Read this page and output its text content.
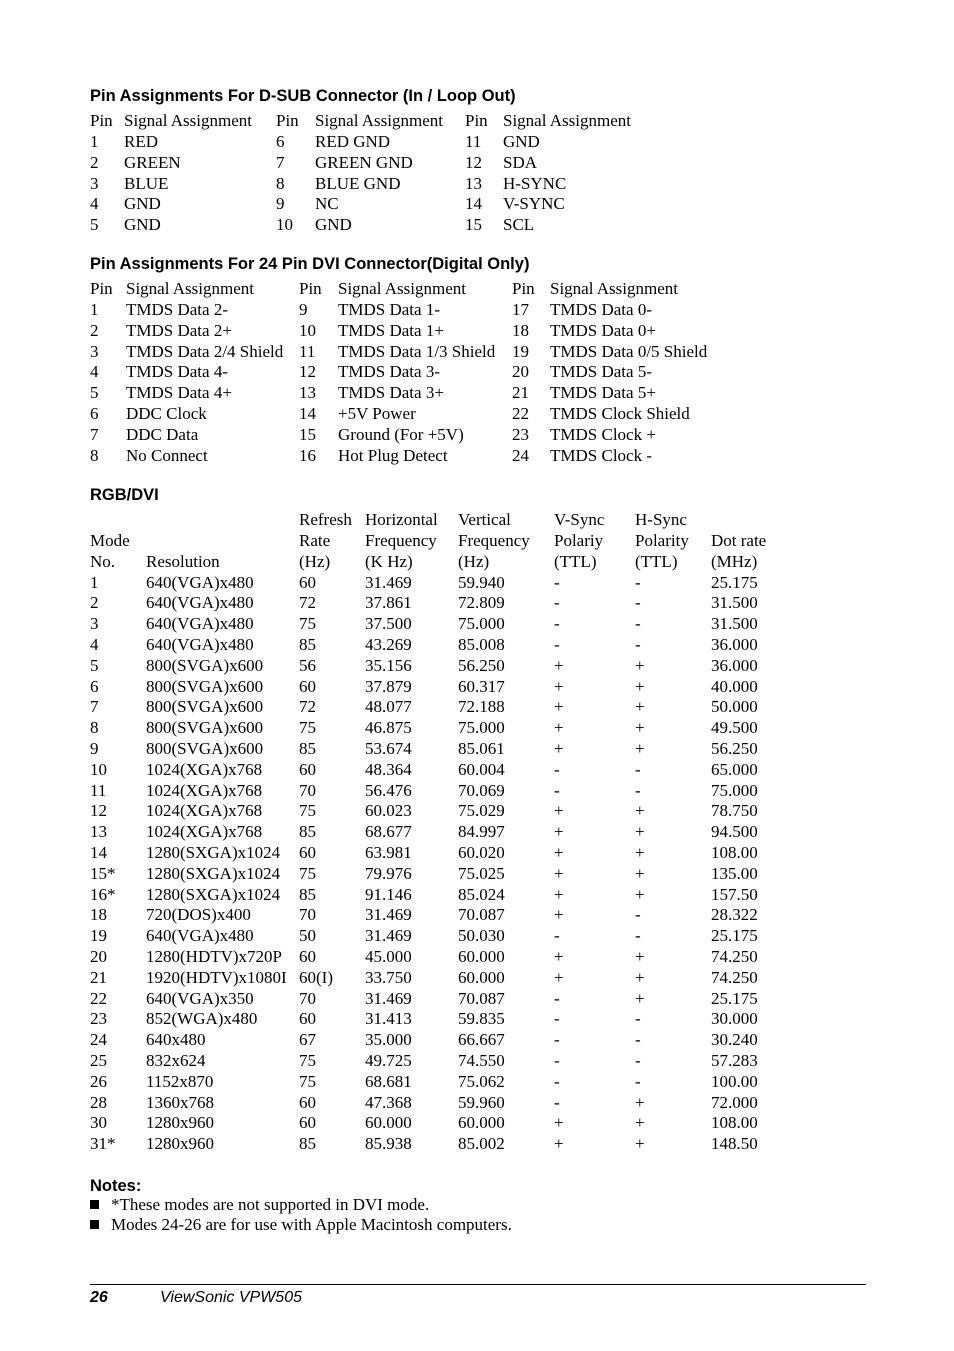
Pin Assignments For D-SUB Connector (In / Loop Out)
Pin Signal Assignment Pin Signal Assignment Pin Signal Assignment
1 RED	6 RED GND	11 GND
2 GREEN	7 GREEN GND	12 SDA
3 BLUE	8 BLUE GND	13 H-SYNC
4 GND	9 NC	14 V-SYNC
5 GND	10 GND	15 SCL
Pin Assignments For 24 Pin DVI Connector(Digital Only)
Pin Signal Assignment	Pin Signal Assignment	Pin Signal Assignment
1 TMDS Data 2-	9 TMDS Data 1-	17 TMDS Data 0-
2 TMDS Data 2+	10 TMDS Data 1+	18 TMDS Data 0+
3 TMDS Data 2/4 Shield 11 TMDS Data 1/3 Shield 19 TMDS Data 0/5 Shield
4 TMDS Data 4-	12 TMDS Data 3-	20 TMDS Data 5-
5 TMDS Data 4+	13 TMDS Data 3+	21 TMDS Data 5+
6 DDC Clock	14 +5V Power	22 TMDS Clock Shield
7 DDC Data	15 Ground (For +5V)	23 TMDS Clock +
8 No Connect	16 Hot Plug Detect	24 TMDS Clock -
RGB/DVI
Refresh Horizontal Vertical	V-Sync H-Sync
Mode	Rate Frequency Frequency Polariy Polarity Dot rate
No. Resolution	(Hz) (K Hz)	(Hz)	(TTL) (TTL) (MHz)
1	640(VGA)x480	60	31.469	59.940	-	-	25.175
2	640(VGA)x480	72	37.861	72.809	-	-	31.500
3	640(VGA)x480	75	37.500	75.000	-	-	31.500
4	640(VGA)x480	85	43.269	85.008	-	-	36.000
5	800(SVGA)x600 56	35.156	56.250	+	+	36.000
6	800(SVGA)x600 60	37.879	60.317	+	+	40.000
7	800(SVGA)x600 72	48.077	72.188	+	+	50.000
8	800(SVGA)x600 75	46.875	75.000	+	+	49.500
9	800(SVGA)x600 85	53.674	85.061	+	+	56.250
10 1024(XGA)x768 60	48.364	60.004	-	-	65.000
11 1024(XGA)x768 70	56.476	70.069	-	-	75.000
12 1024(XGA)x768 75	60.023	75.029	+	+	78.750
13 1024(XGA)x768 85	68.677	84.997	+	+	94.500
14 1280(SXGA)x1024 60	63.981	60.020	+	+	108.00
15* 1280(SXGA)x1024 75	79.976	75.025	+	+	135.00
16* 1280(SXGA)x1024 85	91.146	85.024	+	+	157.50
18 720(DOS)x400	70	31.469	70.087	+	-	28.322
19 640(VGA)x480	50	31.469	50.030	-	-	25.175
20 1280(HDTV)x720P 60	45.000	60.000	+	+	74.250
21 1920(HDTV)x1080I 60(I) 33.750	60.000	+	+	74.250
22 640(VGA)x350	70	31.469	70.087	-	+	25.175
23 852(WGA)x480 60	31.413	59.835	-	-	30.000
24 640x480	67	35.000	66.667	-	-	30.240
25 832x624	75	49.725	74.550	-	-	57.283
26 1152x870	75	68.681	75.062	-	-	100.00
28 1360x768	60	47.368	59.960	-	+	72.000
30 1280x960	60	60.000	60.000	+	+	108.00
31* 1280x960	85	85.938	85.002	+	+	148.50
Notes:
*These modes are not supported in DVI mode.
Modes 24-26 are for use with Apple Macintosh computers.
26	ViewSonic VPW505
